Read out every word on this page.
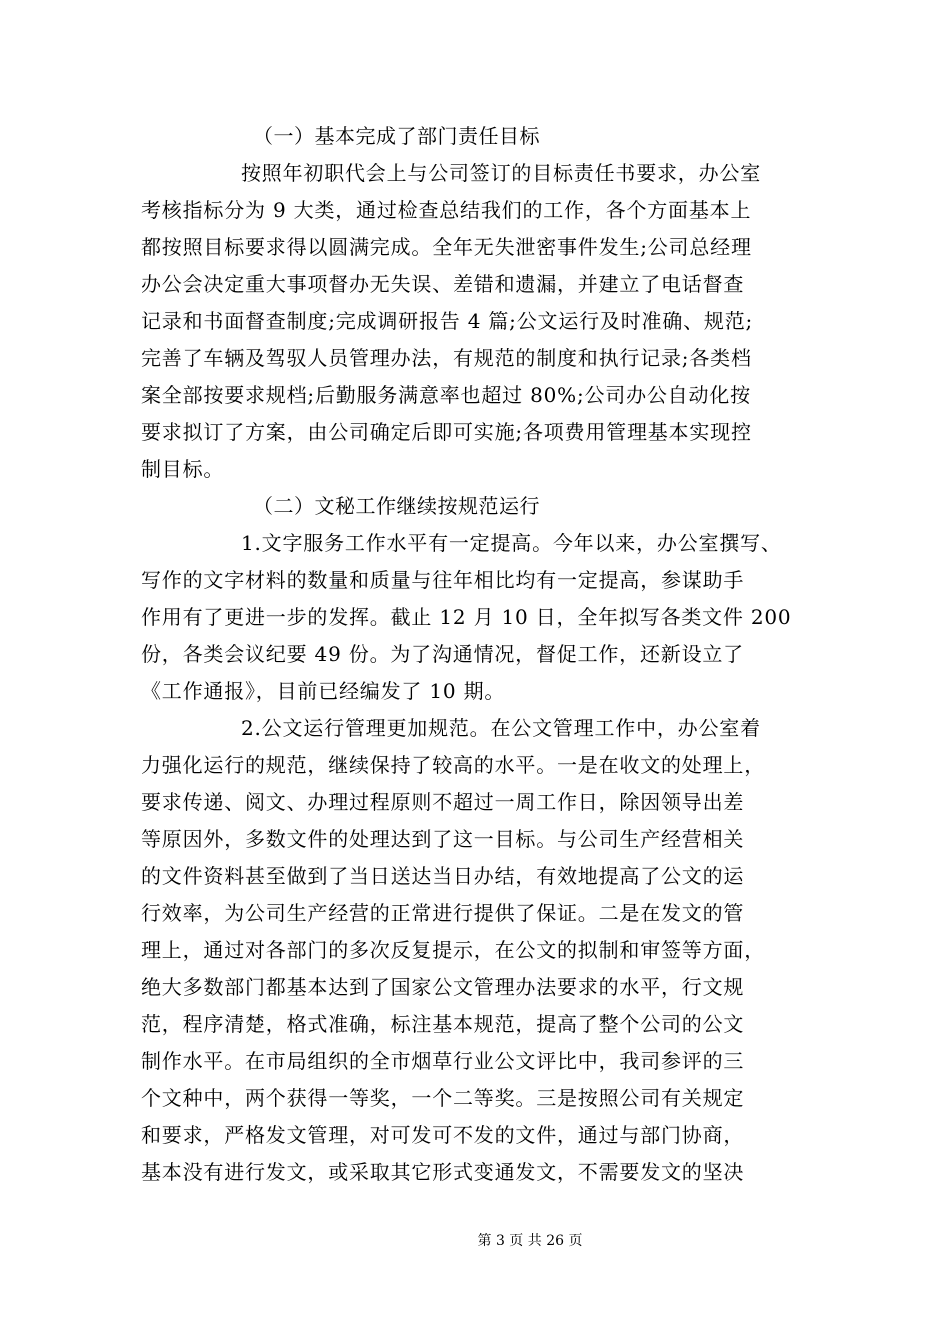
（一）基本完成了部门责任目标
按照年初职代会上与公司签订的目标责任书要求，办公室
考核指标分为 9 大类，通过检查总结我们的工作，各个方面基本上
都按照目标要求得以圆满完成。全年无失泄密事件发生;公司总经理
办公会决定重大事项督办无失误、差错和遗漏，并建立了电话督查
记录和书面督查制度;完成调研报告 4 篇;公文运行及时准确、规范;
完善了车辆及驾驭人员管理办法，有规范的制度和执行记录;各类档
案全部按要求规档;后勤服务满意率也超过 80%;公司办公自动化按
要求拟订了方案，由公司确定后即可实施;各项费用管理基本实现控
制目标。
（二）文秘工作继续按规范运行
1.文字服务工作水平有一定提高。今年以来，办公室撰写、
写作的文字材料的数量和质量与往年相比均有一定提高，参谋助手
作用有了更进一步的发挥。截止 12 月 10 日，全年拟写各类文件 200
份，各类会议纪要 49 份。为了沟通情况，督促工作，还新设立了
《工作通报》，目前已经编发了 10 期。
2.公文运行管理更加规范。在公文管理工作中，办公室着
力强化运行的规范，继续保持了较高的水平。一是在收文的处理上，
要求传递、阅文、办理过程原则不超过一周工作日，除因领导出差
等原因外，多数文件的处理达到了这一目标。与公司生产经营相关
的文件资料甚至做到了当日送达当日办结，有效地提高了公文的运
行效率，为公司生产经营的正常进行提供了保证。二是在发文的管
理上，通过对各部门的多次反复提示，在公文的拟制和审签等方面，
绝大多数部门都基本达到了国家公文管理办法要求的水平，行文规
范，程序清楚，格式准确，标注基本规范，提高了整个公司的公文
制作水平。在市局组织的全市烟草行业公文评比中，我司参评的三
个文种中，两个获得一等奖，一个二等奖。三是按照公司有关规定
和要求，严格发文管理，对可发可不发的文件，通过与部门协商，
基本没有进行发文，或采取其它形式变通发文，不需要发文的坚决
第 3 页 共 26 页
